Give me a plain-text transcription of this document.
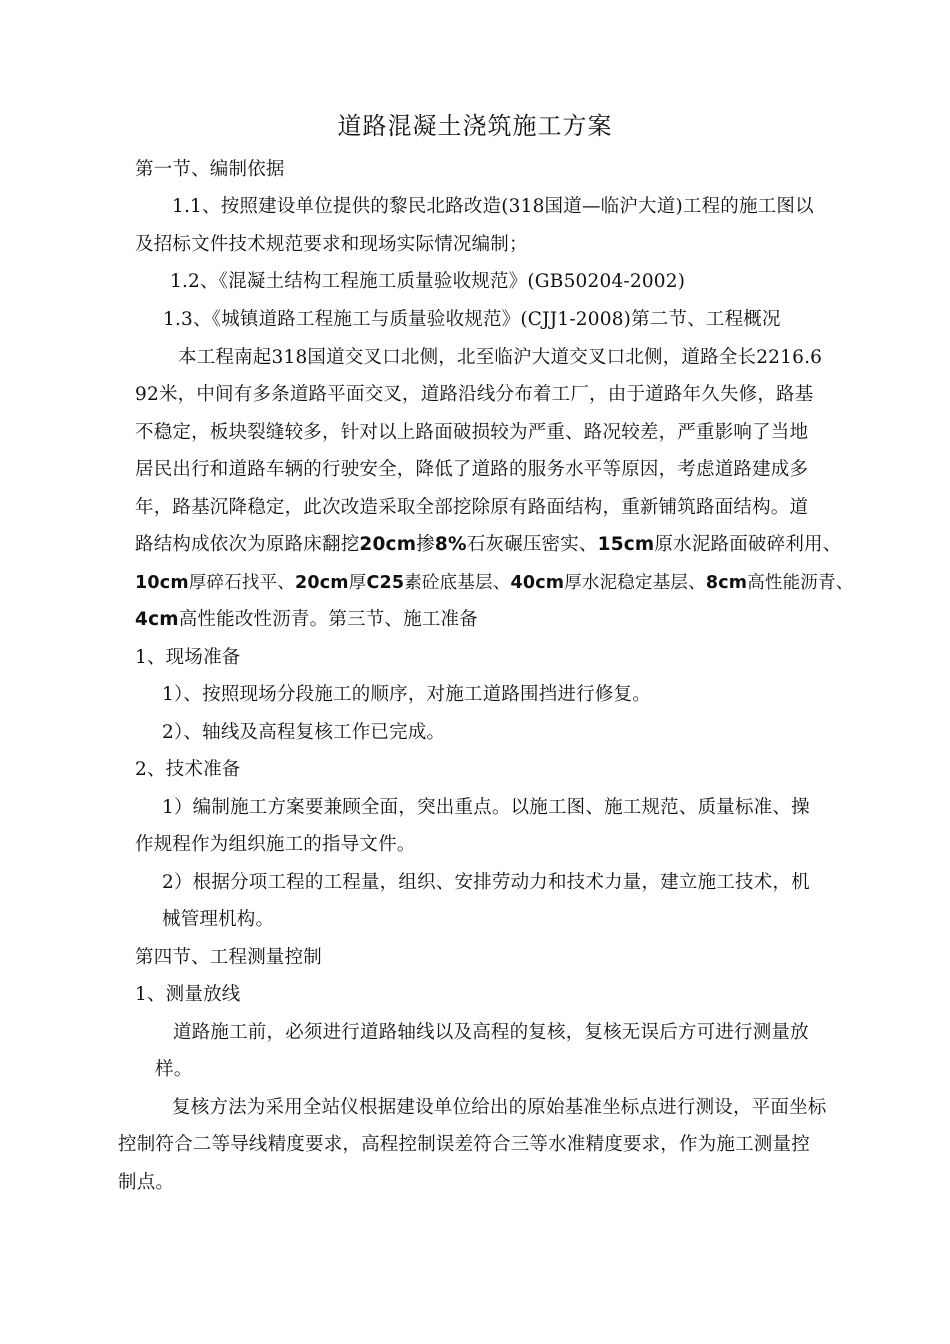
道路混凝土浇筑施工方案
第一节、编制依据
1.1、按照建设单位提供的黎民北路改造(318国道—临沪大道)工程的施工图以
及招标文件技术规范要求和现场实际情况编制；
1.2、《混凝土结构工程施工质量验收规范》(GB50204-2002)
1.3、《城镇道路工程施工与质量验收规范》(CJJ1-2008)第二节、工程概况
本工程南起318国道交叉口北侧，北至临沪大道交叉口北侧，道路全长2216.6
92米，中间有多条道路平面交叉，道路沿线分布着工厂，由于道路年久失修，路基
不稳定，板块裂缝较多，针对以上路面破损较为严重、路况较差，严重影响了当地
居民出行和道路车辆的行驶安全，降低了道路的服务水平等原因，考虑道路建成多
年，路基沉降稳定，此次改造采取全部挖除原有路面结构，重新铺筑路面结构。道
路结构成依次为原路床翻挖20cm掺8%石灰碾压密实、15cm原水泥路面破碎利用、
10cm厚碎石找平、20cm厚C25素砼底基层、40cm厚水泥稳定基层、8cm高性能沥青、
4cm高性能改性沥青。第三节、施工准备
1、现场准备
1）、按照现场分段施工的顺序，对施工道路围挡进行修复。
2）、轴线及高程复核工作已完成。
2、技术准备
1）编制施工方案要兼顾全面，突出重点。以施工图、施工规范、质量标准、操
作规程作为组织施工的指导文件。
2）根据分项工程的工程量，组织、安排劳动力和技术力量，建立施工技术，机
械管理机构。
第四节、工程测量控制
1、测量放线
道路施工前，必须进行道路轴线以及高程的复核，复核无误后方可进行测量放
样。
复核方法为采用全站仪根据建设单位给出的原始基准坐标点进行测设，平面坐标
控制符合二等导线精度要求，高程控制误差符合三等水准精度要求，作为施工测量控
制点。
